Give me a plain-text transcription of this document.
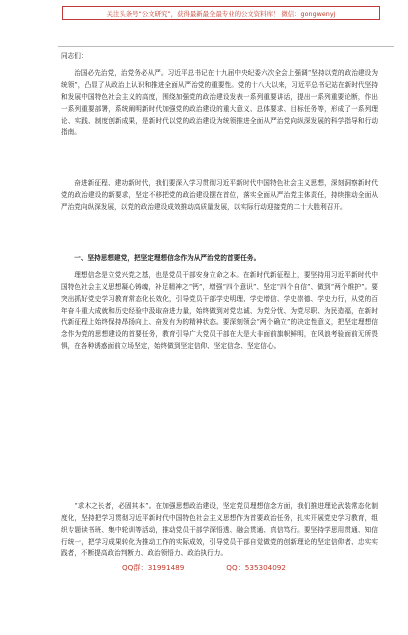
关注头条号“公文研究”，获得最新最全最专业的公文资料库！ 微信：gongwenyj

同志们：

治国必先治党，治党务必从严。习近平总书记在十九届中央纪委六次全会上强调“坚持以党的政治建设为统领”，凸显了从政治上认识和推进全面从严治党的重要性。党的十八大以来，习近平总书记站在新时代坚持和发展中国特色社会主义的高度，围绕加强党的政治建设发表一系列重要讲话，提出一系列重要论断，作出一系列重要部署，系统阐明新时代加强党的政治建设的重大意义、总体要求、目标任务等，形成了一系列理论、实践、制度创新成果，是新时代以党的政治建设为统领推进全面从严治党向纵深发展的科学指导和行动指南。

奋进新征程、建功新时代，我们要深入学习贯彻习近平新时代中国特色社会主义思想，深刻洞察新时代党的政治建设的新要求，坚定不移把党的政治建设摆在首位，落实全面从严治党主体责任，持续推动全面从严治党向纵深发展，以党的政治建设成效推动高质量发展，以实际行动迎接党的二十大胜利召开。

一、坚持思想建党，把坚定理想信念作为从严治党的首要任务。

理想信念是立党兴党之基，也是党员干部安身立命之本。在新时代新征程上，要坚持用习近平新时代中国特色社会主义思想凝心铸魂，补足精神之“钙”，增强“四个意识”、坚定“四个自信”、做到“两个维护”。要突出抓好党史学习教育常态化长效化，引导党员干部学史明理、学史增信、学史崇德、学史力行，从党的百年奋斗重大成就和历史经验中汲取奋进力量，始终做到对党忠诚、为党分忧、为党尽职、为民造福，在新时代新征程上始终保持昂扬向上、奋发有为的精神状态。要深刻领会“两个确立”的决定性意义，把坚定理想信念作为党的思想建设的首要任务，教育引导广大党员干部在大是大非面前旗帜鲜明，在风浪考验面前无所畏惧，在各种诱惑面前立场坚定，始终做到坚定信仰、坚定信念、坚定信心。

“求木之长者，必固其本”。在加强思想政治建设，坚定党员理想信念方面，我们推进理论武装常态化制度化，坚持把学习贯彻习近平新时代中国特色社会主义思想作为首要政治任务，扎实开展党史学习教育，组织专题读书班、集中轮训等活动，推动党员干部学深悟透、融会贯通、真信笃行。要坚持学思用贯通、知信行统一，把学习成果转化为推动工作的实际成效，引导党员干部自觉做党的创新理论的坚定信仰者、忠实实践者，不断提高政治判断力、政治领悟力、政治执行力。

QQ群：31991489	QQ：535304092
